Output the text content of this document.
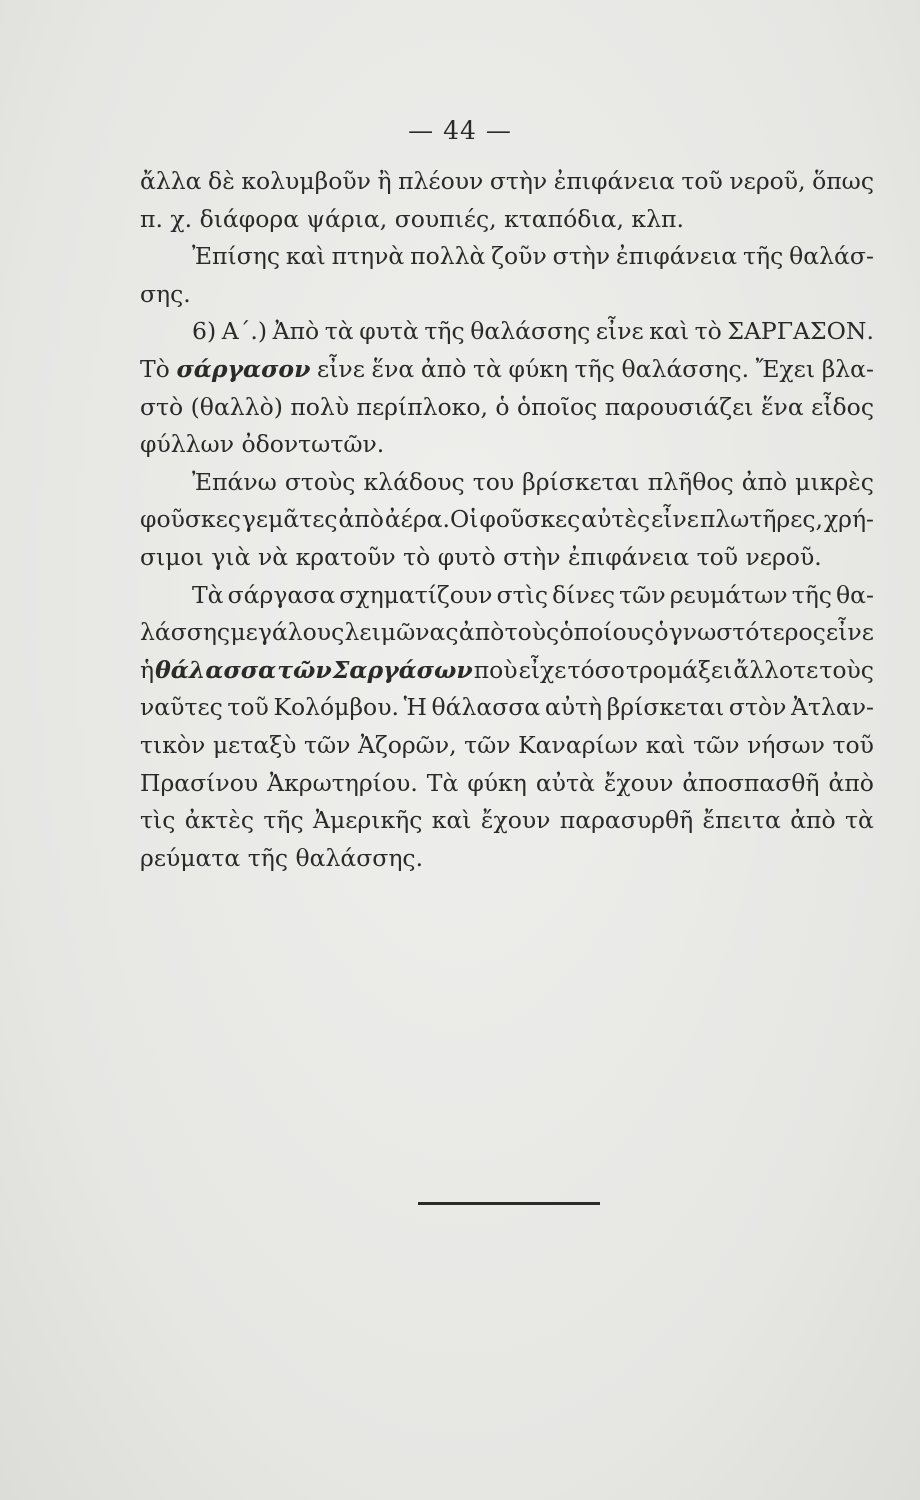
— 44 —
ἄλλα δὲ κολυμβοῦν ἢ πλέουν στὴν ἐπιφάνεια τοῦ νεροῦ, ὅπως
π. χ. διάφορα ψάρια, σουπιές, κταπόδια, κλπ.
Ἐπίσης καὶ πτηνὰ πολλὰ ζοῦν στὴν ἐπιφάνεια τῆς θαλάσ-
σης.
6) Α΄.) Ἀπὸ τὰ φυτὰ τῆς θαλάσσης εἶνε καὶ τὸ ΣΑΡΓΑΣΟΝ.
Τὸ σάργασον εἶνε ἕνα ἀπὸ τὰ φύκη τῆς θαλάσσης. Ἔχει βλα-
στὸ (θαλλὸ) πολὺ περίπλοκο, ὁ ὁποῖος παρουσιάζει ἕνα εἶδος
φύλλων ὀδοντωτῶν.
Ἐπάνω στοὺς κλάδους του βρίσκεται πλῆθος ἀπὸ μικρὲς
φοῦσκες γεμᾶτες ἀπὸ ἀέρα.Οἱ φοῦσκες αὐτὲς εἶνε πλωτῆρες, χρή-
σιμοι γιὰ νὰ κρατοῦν τὸ φυτὸ στὴν ἐπιφάνεια τοῦ νεροῦ.
Τὰ σάργασα σχηματίζουν στὶς δίνες τῶν ρευμάτων τῆς θα-
λάσσης μεγάλους λειμῶνας ἀπὸ τοὺς ὁποίους ὁ γνωστότερος εἶνε
ἡ θάλασσα τῶν Σαργάσων ποὺ εἶχε τόσο τρομάξει ἄλλοτε τοὺς
ναῦτες τοῦ Κολόμβου. Ἡ θάλασσα αὐτὴ βρίσκεται στὸν Ἀτλαν-
τικὸν μεταξὺ τῶν Ἀζορῶν, τῶν Καναρίων καὶ τῶν νήσων τοῦ
Πρασίνου Ἀκρωτηρίου. Τὰ φύκη αὐτὰ ἔχουν ἀποσπασθῆ ἀπὸ
τὶς ἀκτὲς τῆς Ἀμερικῆς καὶ ἔχουν παρασυρθῆ ἔπειτα ἀπὸ τὰ
ρεύματα τῆς θαλάσσης.
